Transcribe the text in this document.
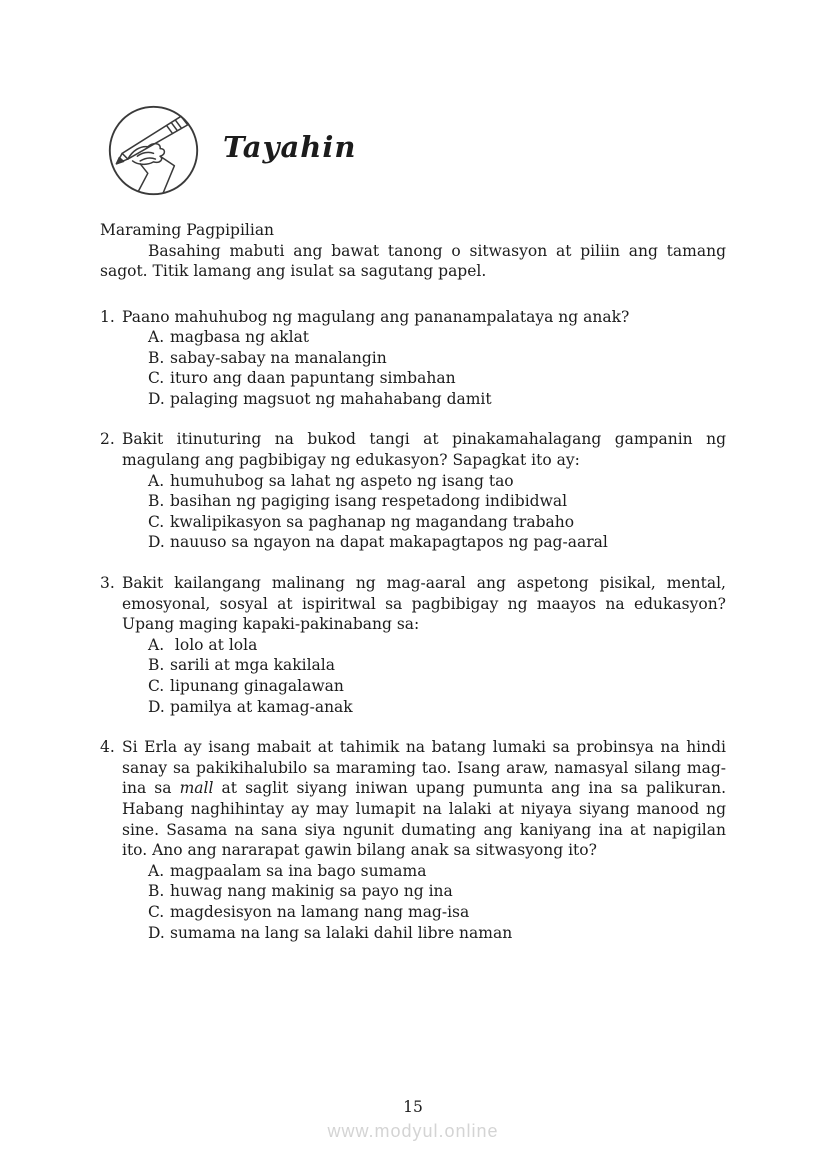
Tayahin

Maraming Pagpipilian

Basahing mabuti ang bawat tanong o sitwasyon at piliin ang tamang sagot. Titik lamang ang isulat sa sagutang papel.

1. Paano mahuhubog ng magulang ang pananampalataya ng anak?

A. magbasa ng aklat
B. sabay-sabay na manalangin
C. ituro ang daan papuntang simbahan
D. palaging magsuot ng mahahabang damit
2. Bakit itinuturing na bukod tangi at pinakamahalagang gampanin ng magulang ang pagbibigay ng edukasyon? Sapagkat ito ay:

A. humuhubog sa lahat ng aspeto ng isang tao
B. basihan ng pagiging isang respetadong indibidwal
C. kwalipikasyon sa paghanap ng magandang trabaho
D. nauuso sa ngayon na dapat makapagtapos ng pag-aaral
3. Bakit kailangang malinang ng mag-aaral ang aspetong pisikal, mental, emosyonal, sosyal at ispiritwal sa pagbibigay ng maayos na edukasyon? Upang maging kapaki-pakinabang sa:

A. lolo at lola
B. sarili at mga kakilala
C. lipunang ginagalawan
D. pamilya at kamag-anak
4. Si Erla ay isang mabait at tahimik na batang lumaki sa probinsya na hindi sanay sa pakikihalubilo sa maraming tao. Isang araw, namasyal silang mag-ina sa mall at saglit siyang iniwan upang pumunta ang ina sa palikuran. Habang naghihintay ay may lumapit na lalaki at niyaya siyang manood ng sine. Sasama na sana siya ngunit dumating ang kaniyang ina at napigilan ito. Ano ang nararapat gawin bilang anak sa sitwasyong ito?

A. magpaalam sa ina bago sumama
B. huwag nang makinig sa payo ng ina
C. magdesisyon na lamang nang mag-isa
D. sumama na lang sa lalaki dahil libre naman
15
www.modyul.online
